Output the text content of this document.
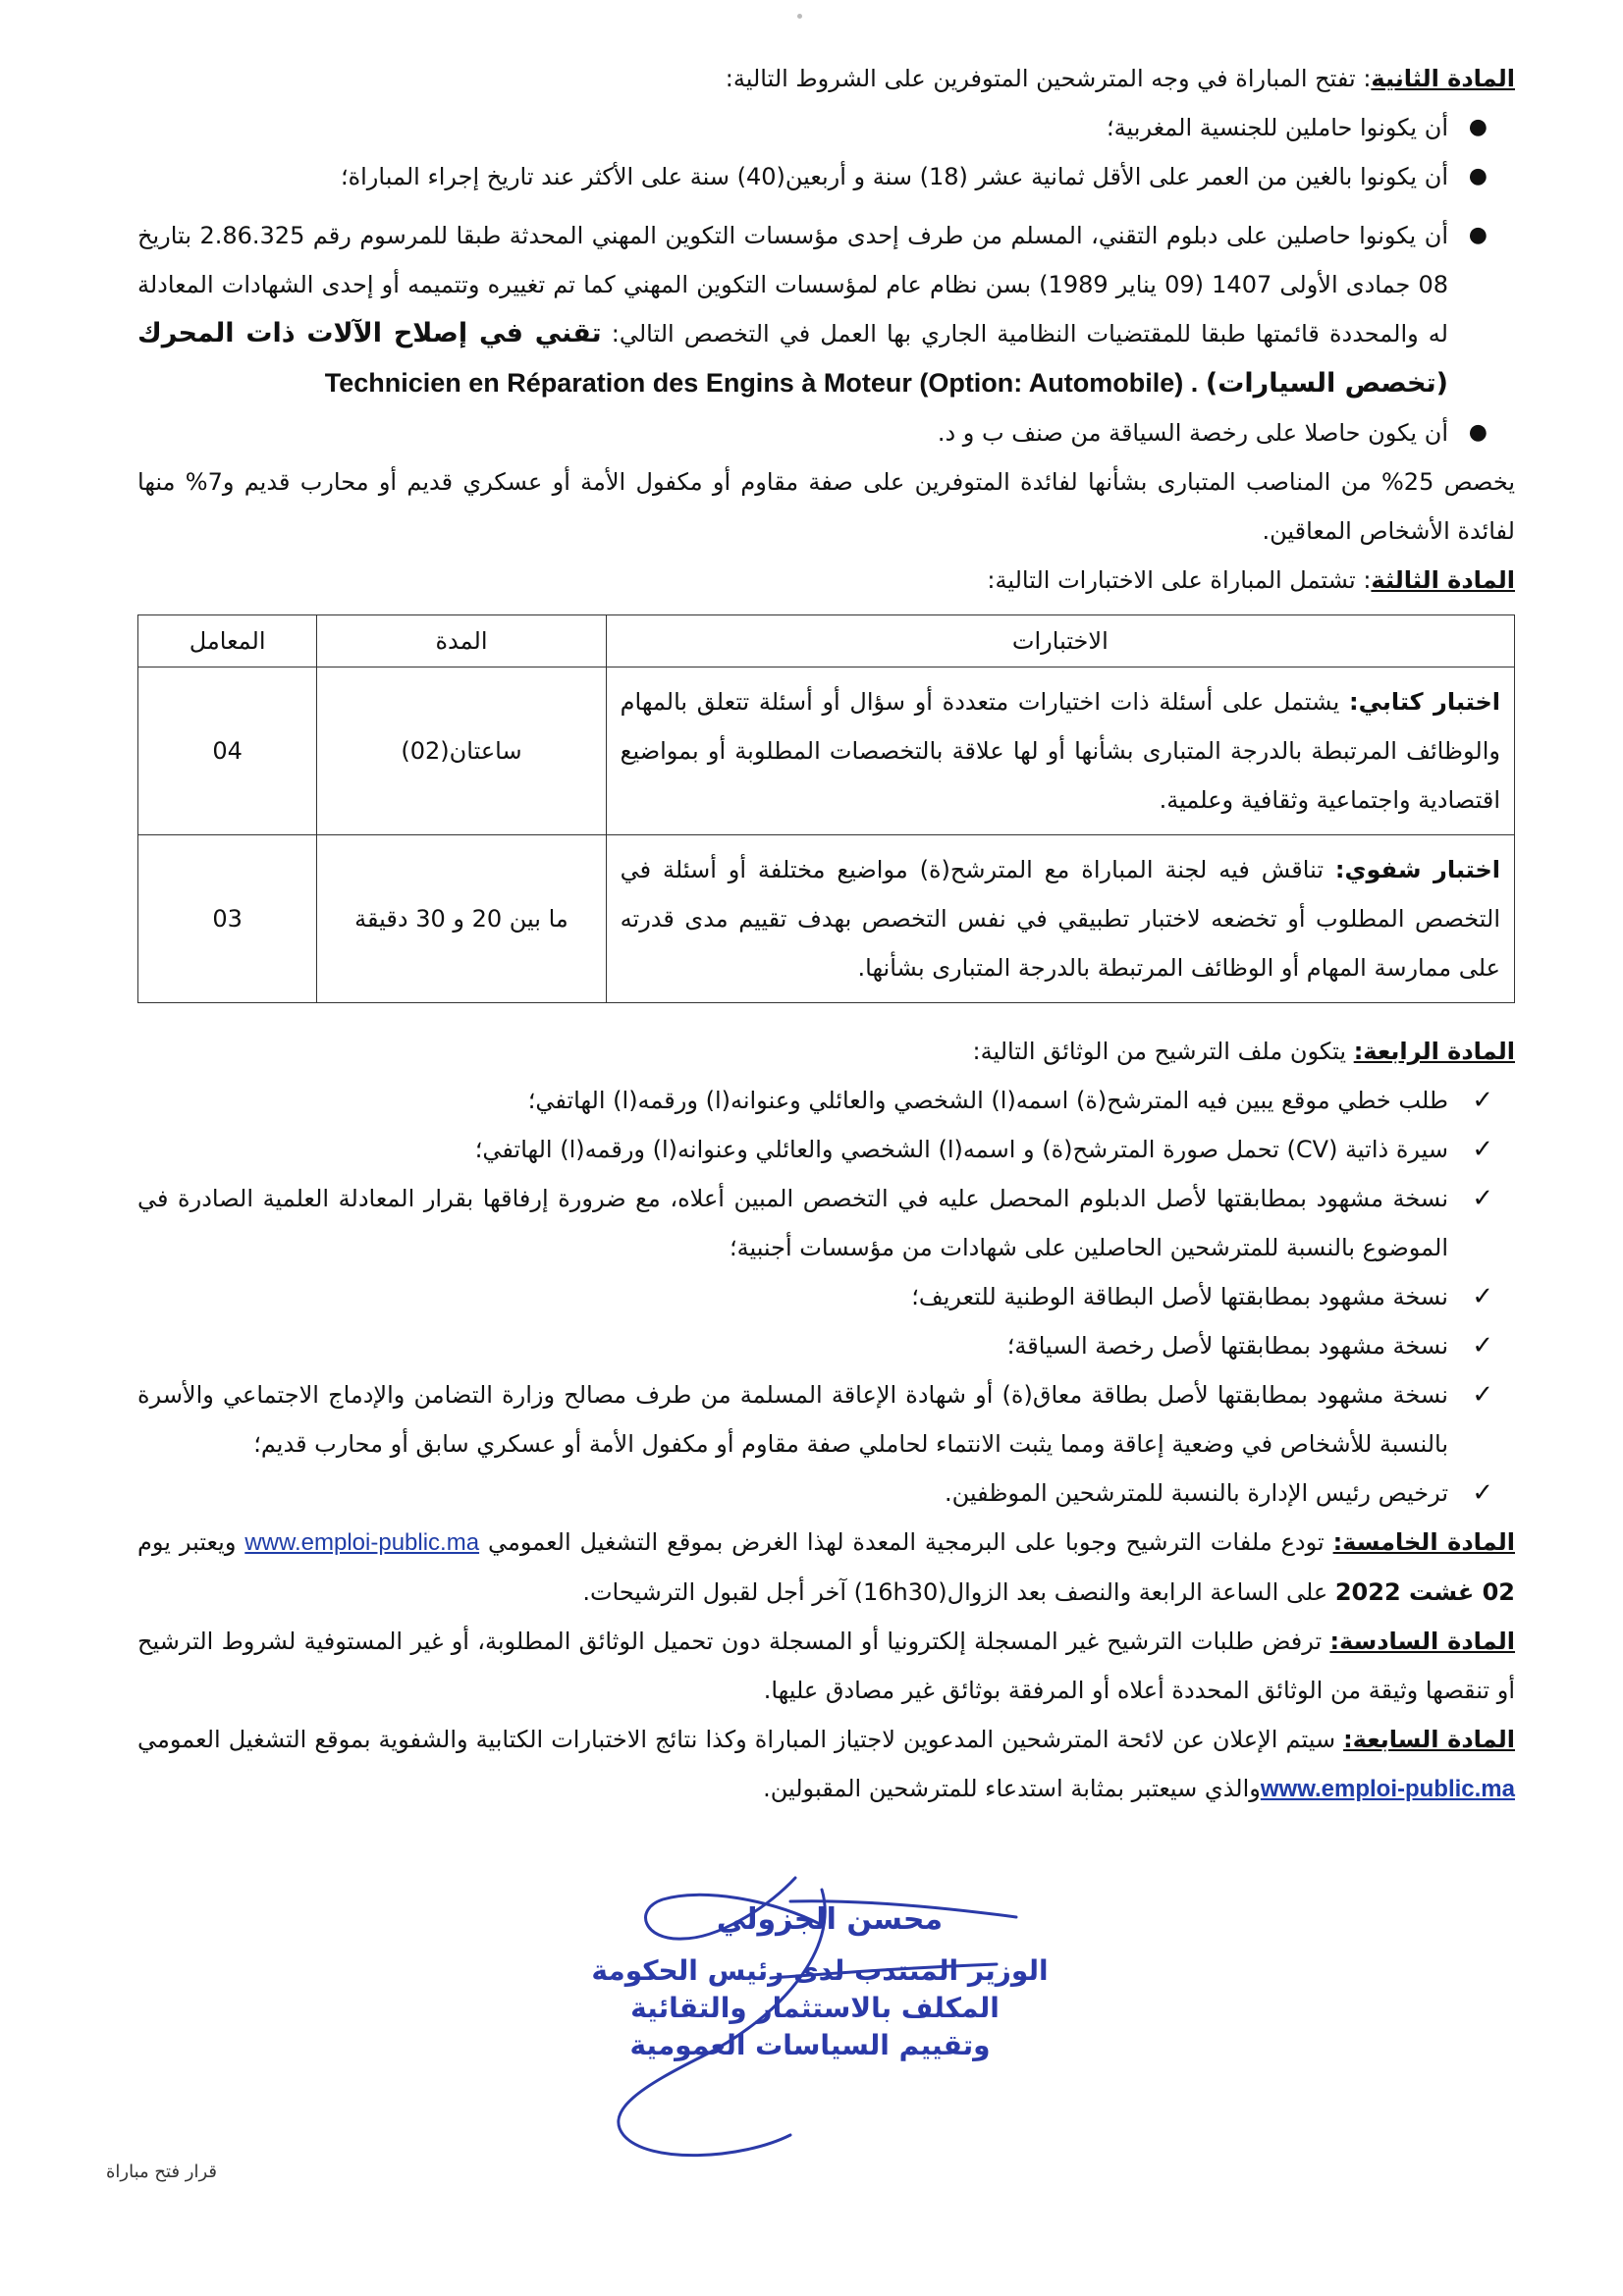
المادة الثانية: تفتح المباراة في وجه المترشحين المتوفرين على الشروط التالية:

●
أن يكونوا حاملين للجنسية المغربية؛
●
أن يكونوا بالغين من العمر على الأقل ثمانية عشر (18) سنة و أربعين(40) سنة على الأكثر عند تاريخ إجراء المباراة؛
●
أن يكونوا حاصلين على دبلوم التقني، المسلم من طرف إحدى مؤسسات التكوين المهني المحدثة طبقا للمرسوم رقم 2.86.325 بتاريخ 08 جمادى الأولى 1407 (09 يناير 1989) بسن نظام عام لمؤسسات التكوين المهني كما تم تغييره وتتميمه أو إحدى الشهادات المعادلة له والمحددة قائمتها طبقا للمقتضيات النظامية الجاري بها العمل في التخصص التالي: تقني في إصلاح الآلات ذات المحرك (تخصص السيارات) Technicien en Réparation des Engins à Moteur (Option: Automobile) .
●
أن يكون حاصلا على رخصة السياقة من صنف ب و د.

يخصص 25% من المناصب المتبارى بشأنها لفائدة المتوفرين على صفة مقاوم أو مكفول الأمة أو عسكري قديم أو محارب قديم و7% منها لفائدة الأشخاص المعاقين.

المادة الثالثة: تشتمل المباراة على الاختبارات التالية:

الاختبارات	المدة	المعامل
اختبار كتابي: يشتمل على أسئلة ذات اختيارات متعددة أو سؤال أو أسئلة تتعلق بالمهام والوظائف المرتبطة بالدرجة المتبارى بشأنها أو لها علاقة بالتخصصات المطلوبة أو بمواضيع اقتصادية واجتماعية وثقافية وعلمية.	ساعتان(02)	04
اختبار شفوي: تناقش فيه لجنة المباراة مع المترشح(ة) مواضيع مختلفة أو أسئلة في التخصص المطلوب أو تخضعه لاختبار تطبيقي في نفس التخصص بهدف تقييم مدى قدرته على ممارسة المهام أو الوظائف المرتبطة بالدرجة المتبارى بشأنها.	ما بين 20 و 30 دقيقة	03

المادة الرابعة: يتكون ملف الترشيح من الوثائق التالية:

✓
طلب خطي موقع يبين فيه المترشح(ة) اسمه(ا) الشخصي والعائلي وعنوانه(ا) ورقمه(ا) الهاتفي؛
✓
سيرة ذاتية (CV) تحمل صورة المترشح(ة) و اسمه(ا) الشخصي والعائلي وعنوانه(ا) ورقمه(ا) الهاتفي؛
✓
نسخة مشهود بمطابقتها لأصل الدبلوم المحصل عليه في التخصص المبين أعلاه، مع ضرورة إرفاقها بقرار المعادلة العلمية الصادرة في الموضوع بالنسبة للمترشحين الحاصلين على شهادات من مؤسسات أجنبية؛
✓
نسخة مشهود بمطابقتها لأصل البطاقة الوطنية للتعريف؛
✓
نسخة مشهود بمطابقتها لأصل رخصة السياقة؛
✓
نسخة مشهود بمطابقتها لأصل بطاقة معاق(ة) أو شهادة الإعاقة المسلمة من طرف مصالح وزارة التضامن والإدماج الاجتماعي والأسرة بالنسبة للأشخاص في وضعية إعاقة ومما يثبت الانتماء لحاملي صفة مقاوم أو مكفول الأمة أو عسكري سابق أو محارب قديم؛
✓
ترخيص رئيس الإدارة بالنسبة للمترشحين الموظفين.

المادة الخامسة: تودع ملفات الترشيح وجوبا على البرمجية المعدة لهذا الغرض بموقع التشغيل العمومي www.emploi-public.ma ويعتبر يوم 02 غشت 2022 على الساعة الرابعة والنصف بعد الزوال(16h30) آخر أجل لقبول الترشيحات.

المادة السادسة: ترفض طلبات الترشيح غير المسجلة إلكترونيا أو المسجلة دون تحميل الوثائق المطلوبة، أو غير المستوفية لشروط الترشيح أو تنقصها وثيقة من الوثائق المحددة أعلاه أو المرفقة بوثائق غير مصادق عليها.

المادة السابعة: سيتم الإعلان عن لائحة المترشحين المدعوين لاجتياز المباراة وكذا نتائج الاختبارات الكتابية والشفوية بموقع التشغيل العمومي www.emploi-public.maوالذي سيعتبر بمثابة استدعاء للمترشحين المقبولين.

محسن الجزولي
الوزير المنتدب لدى رئيس الحكومة
المكلف بالاستثمار والتقائية
وتقييم السياسات العمومية
قرار فتح مباراة
